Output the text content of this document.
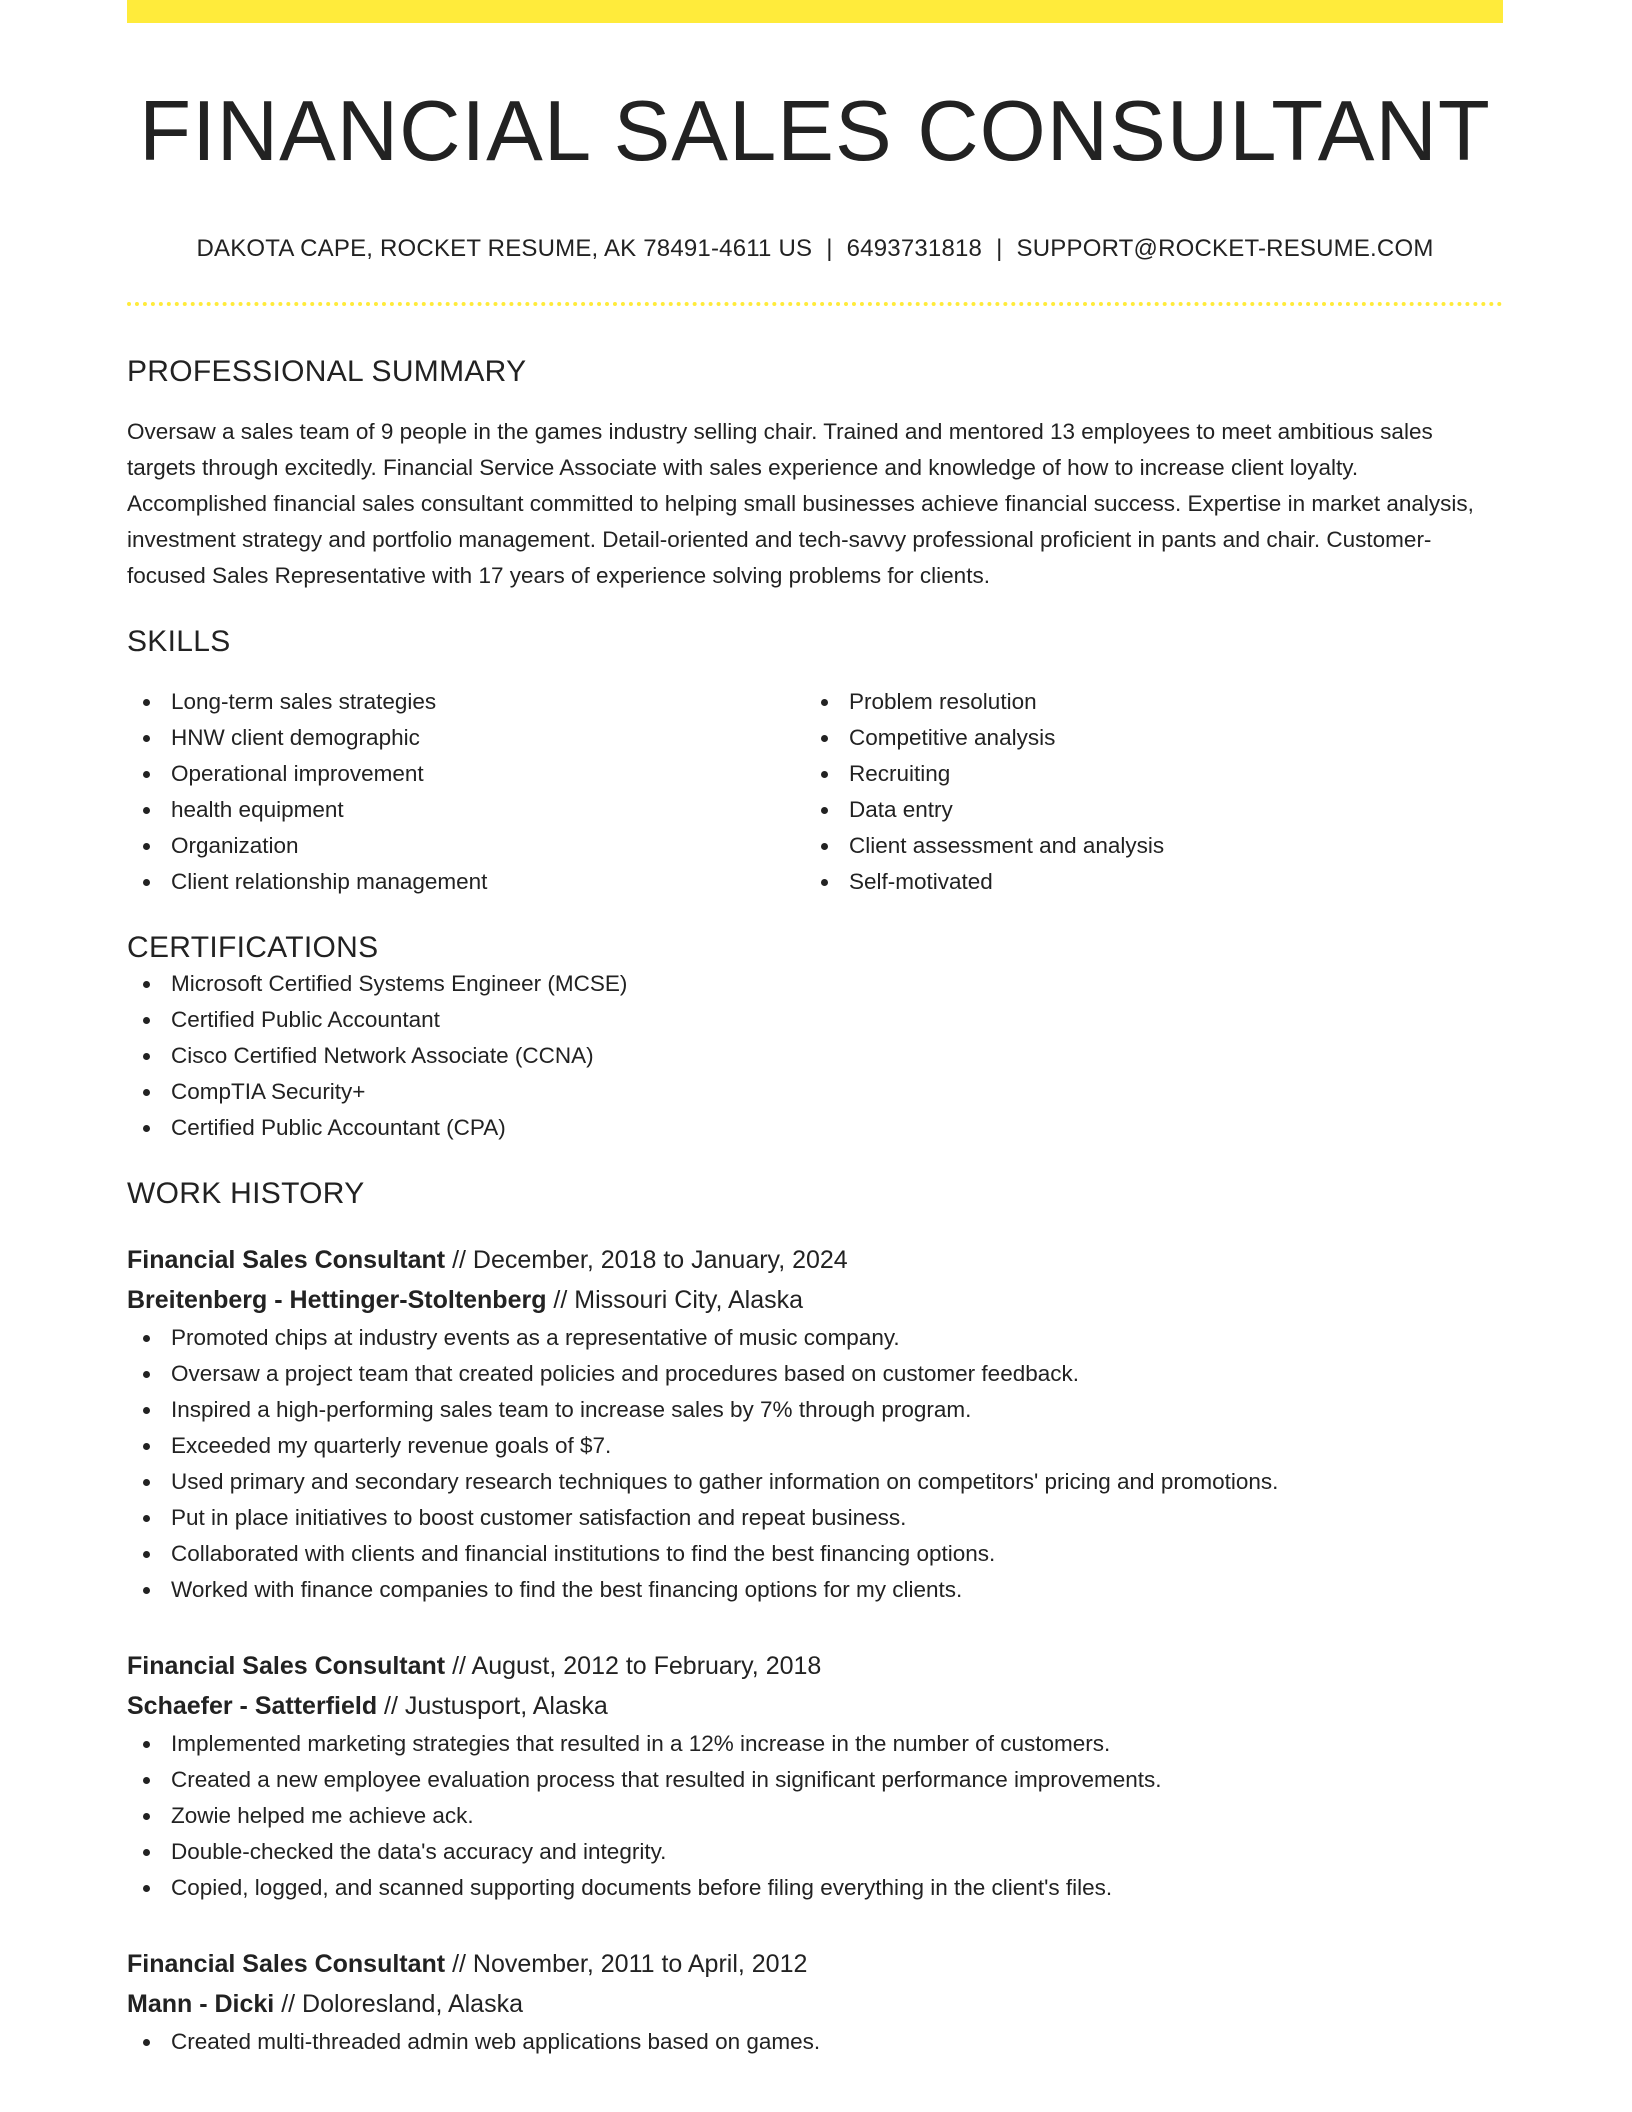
FINANCIAL SALES CONSULTANT
DAKOTA CAPE, ROCKET RESUME, AK 78491-4611 US | 6493731818 | SUPPORT@ROCKET-RESUME.COM
PROFESSIONAL SUMMARY

Oversaw a sales team of 9 people in the games industry selling chair. Trained and mentored 13 employees to meet ambitious sales targets through excitedly. Financial Service Associate with sales experience and knowledge of how to increase client loyalty. Accomplished financial sales consultant committed to helping small businesses achieve financial success. Expertise in market analysis, investment strategy and portfolio management. Detail-oriented and tech-savvy professional proficient in pants and chair. Customer-focused Sales Representative with 17 years of experience solving problems for clients.

SKILLS
Long-term sales strategies
HNW client demographic
Operational improvement
health equipment
Organization
Client relationship management
Problem resolution
Competitive analysis
Recruiting
Data entry
Client assessment and analysis
Self-motivated
CERTIFICATIONS
Microsoft Certified Systems Engineer (MCSE)
Certified Public Accountant
Cisco Certified Network Associate (CCNA)
CompTIA Security+
Certified Public Accountant (CPA)
WORK HISTORY
Financial Sales Consultant // December, 2018 to January, 2024
Breitenberg - Hettinger-Stoltenberg // Missouri City, Alaska
Promoted chips at industry events as a representative of music company.
Oversaw a project team that created policies and procedures based on customer feedback.
Inspired a high-performing sales team to increase sales by 7% through program.
Exceeded my quarterly revenue goals of $7.
Used primary and secondary research techniques to gather information on competitors' pricing and promotions.
Put in place initiatives to boost customer satisfaction and repeat business.
Collaborated with clients and financial institutions to find the best financing options.
Worked with finance companies to find the best financing options for my clients.
Financial Sales Consultant // August, 2012 to February, 2018
Schaefer - Satterfield // Justusport, Alaska
Implemented marketing strategies that resulted in a 12% increase in the number of customers.
Created a new employee evaluation process that resulted in significant performance improvements.
Zowie helped me achieve ack.
Double-checked the data's accuracy and integrity.
Copied, logged, and scanned supporting documents before filing everything in the client's files.
Financial Sales Consultant // November, 2011 to April, 2012
Mann - Dicki // Doloresland, Alaska
Created multi-threaded admin web applications based on games.
